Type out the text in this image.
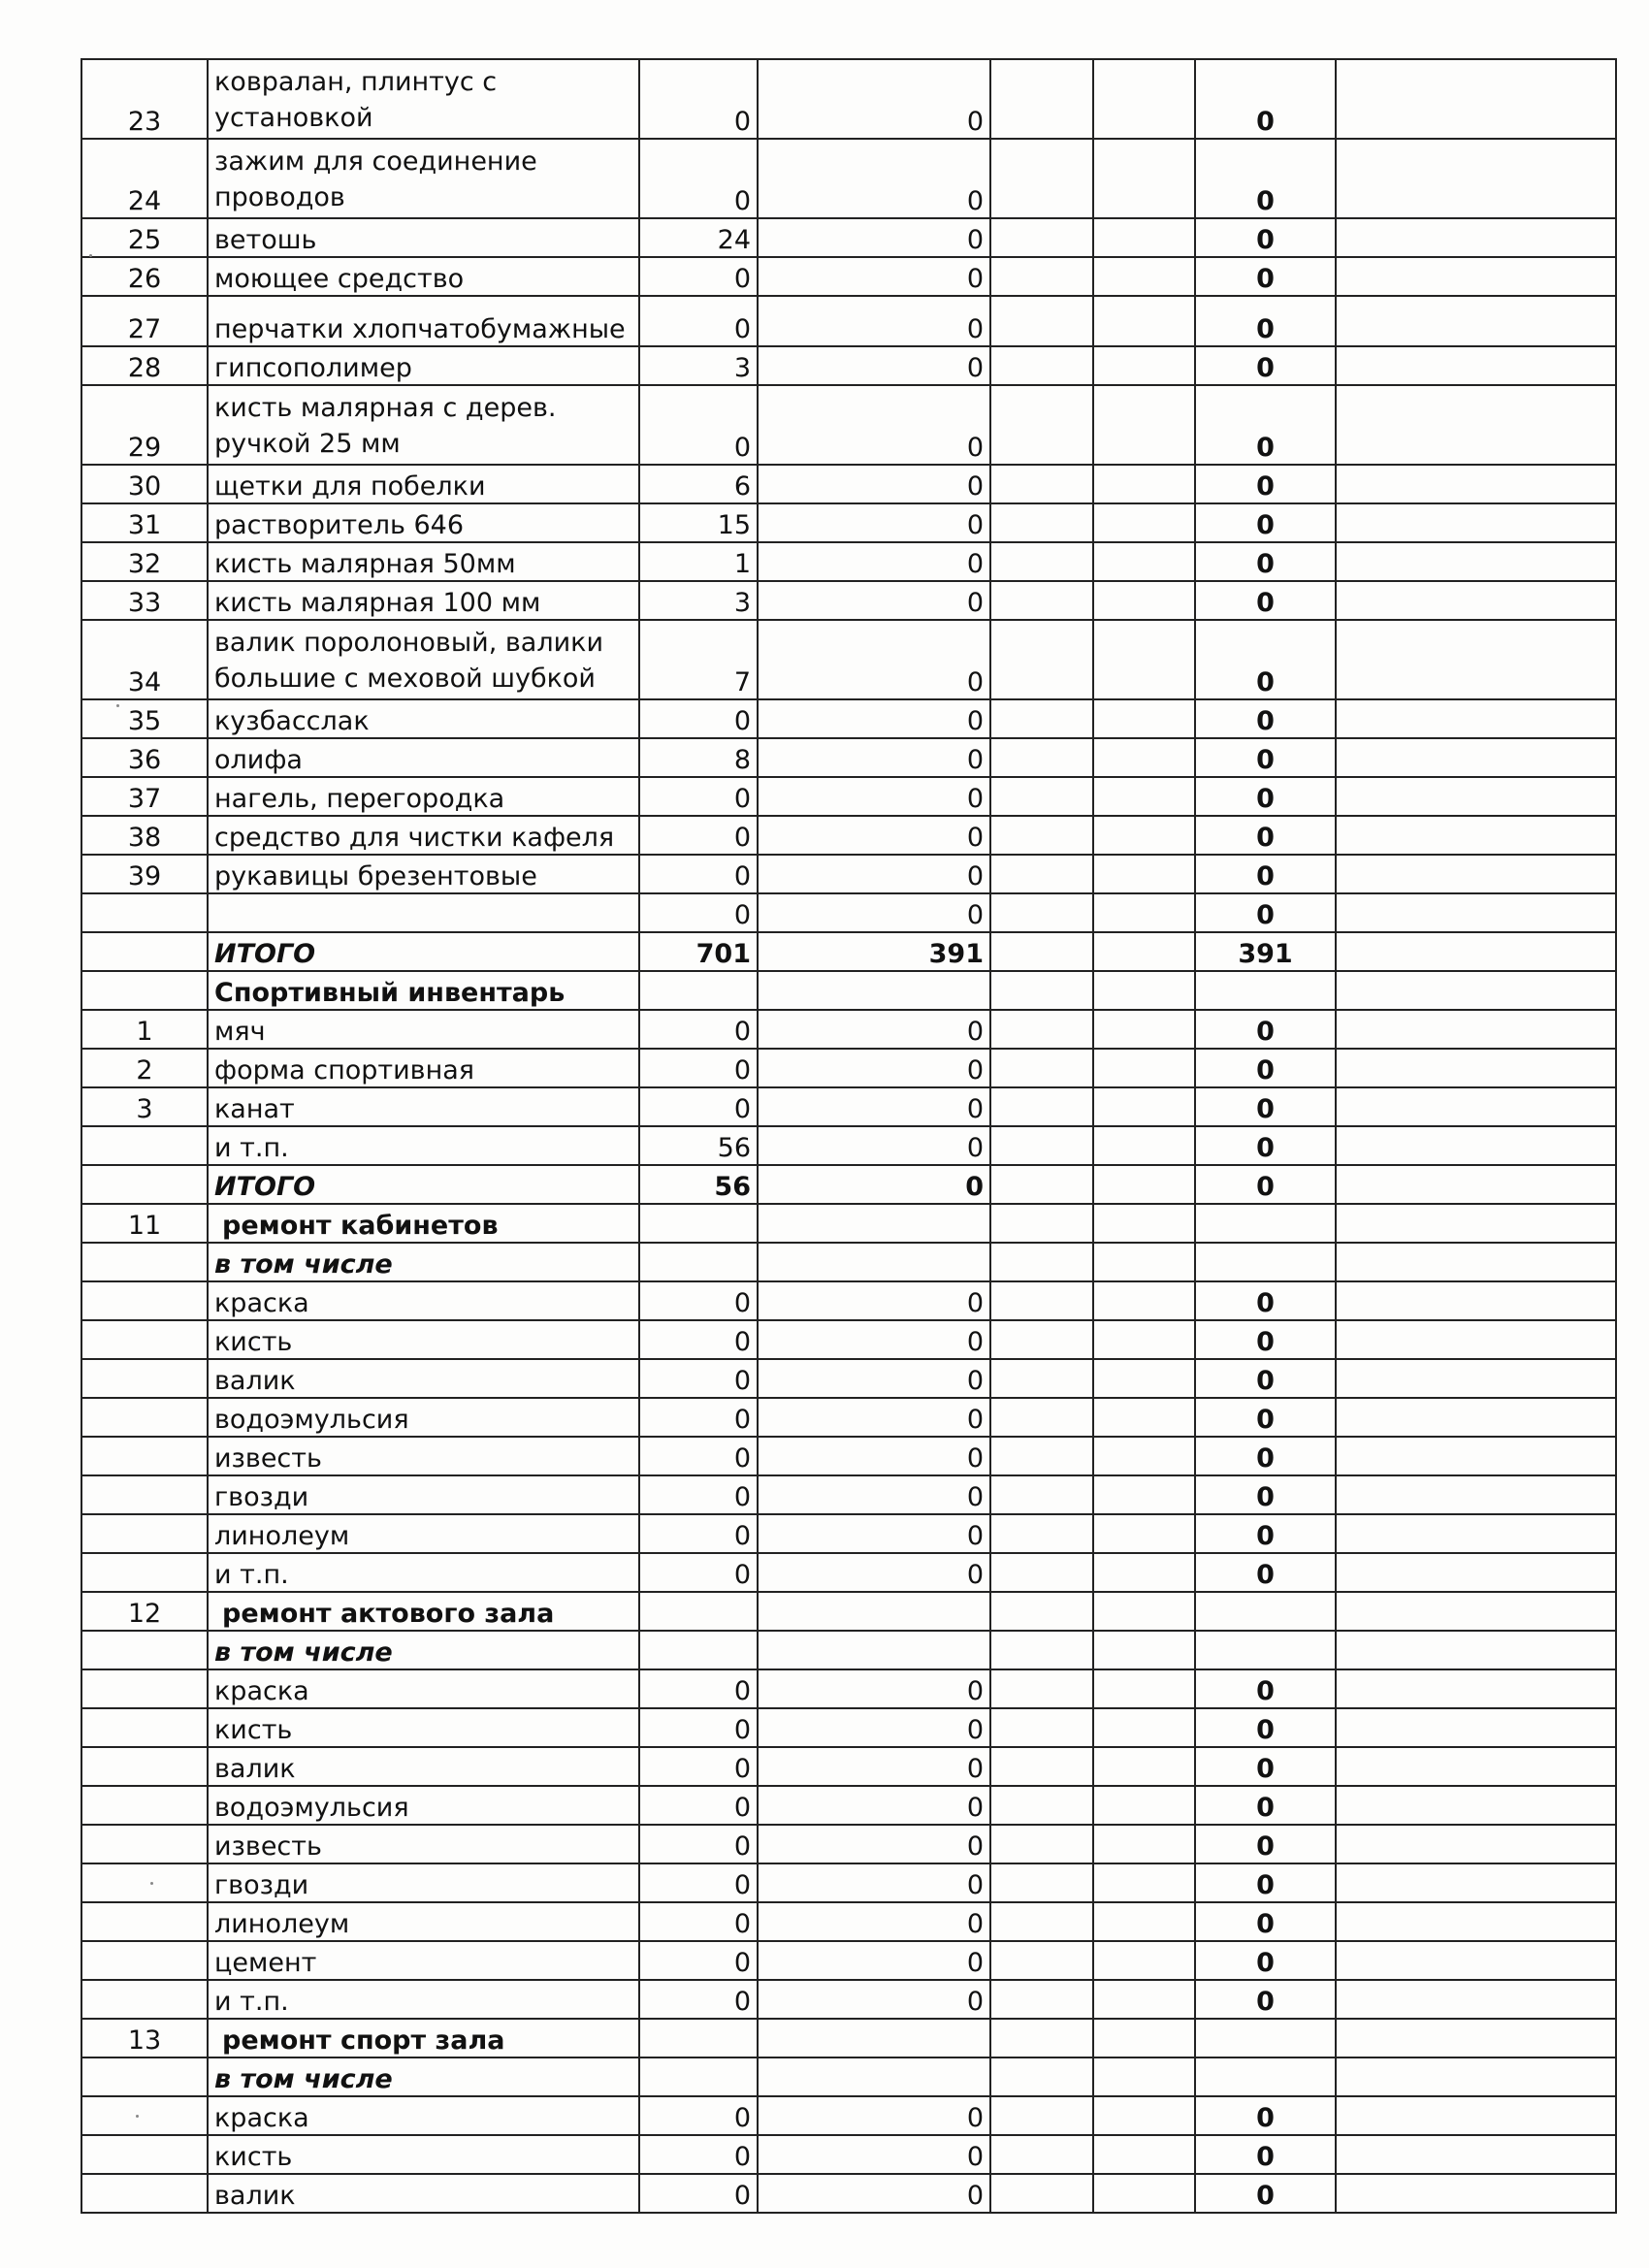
23	ковралан, плинтус с установкой	0	0			0	
24	зажим для соединение проводов	0	0			0	
25	ветошь	24	0			0	
26	моющее средство	0	0			0	
27	перчатки хлопчатобумажные	0	0			0	
28	гипсополимер	3	0			0	
29	кисть малярная с дерев. ручкой 25 мм	0	0			0	
30	щетки для побелки	6	0			0	
31	растворитель 646	15	0			0	
32	кисть малярная 50мм	1	0			0	
33	кисть малярная 100 мм	3	0			0	
34	валик поролоновый, валики большие с меховой шубкой	7	0			0	
35	кузбасслак	0	0			0	
36	олифа	8	0			0	
37	нагель, перегородка	0	0			0	
38	средство для чистки кафеля	0	0			0	
39	рукавицы брезентовые	0	0			0	
		0	0			0	
	ИТОГО	701	391			391	
	Спортивный инвентарь						
1	мяч	0	0			0	
2	форма спортивная	0	0			0	
3	канат	0	0			0	
	и т.п.	56	0			0	
	ИТОГО	56	0			0	
11	ремонт кабинетов						
	в том числе						
	краска	0	0			0	
	кисть	0	0			0	
	валик	0	0			0	
	водоэмульсия	0	0			0	
	известь	0	0			0	
	гвозди	0	0			0	
	линолеум	0	0			0	
	и т.п.	0	0			0	
12	ремонт актового зала						
	в том числе						
	краска	0	0			0	
	кисть	0	0			0	
	валик	0	0			0	
	водоэмульсия	0	0			0	
	известь	0	0			0	
	гвозди	0	0			0	
	линолеум	0	0			0	
	цемент	0	0			0	
	и т.п.	0	0			0	
13	ремонт спорт зала						
	в том числе						
	краска	0	0			0	
	кисть	0	0			0	
	валик	0	0			0	
